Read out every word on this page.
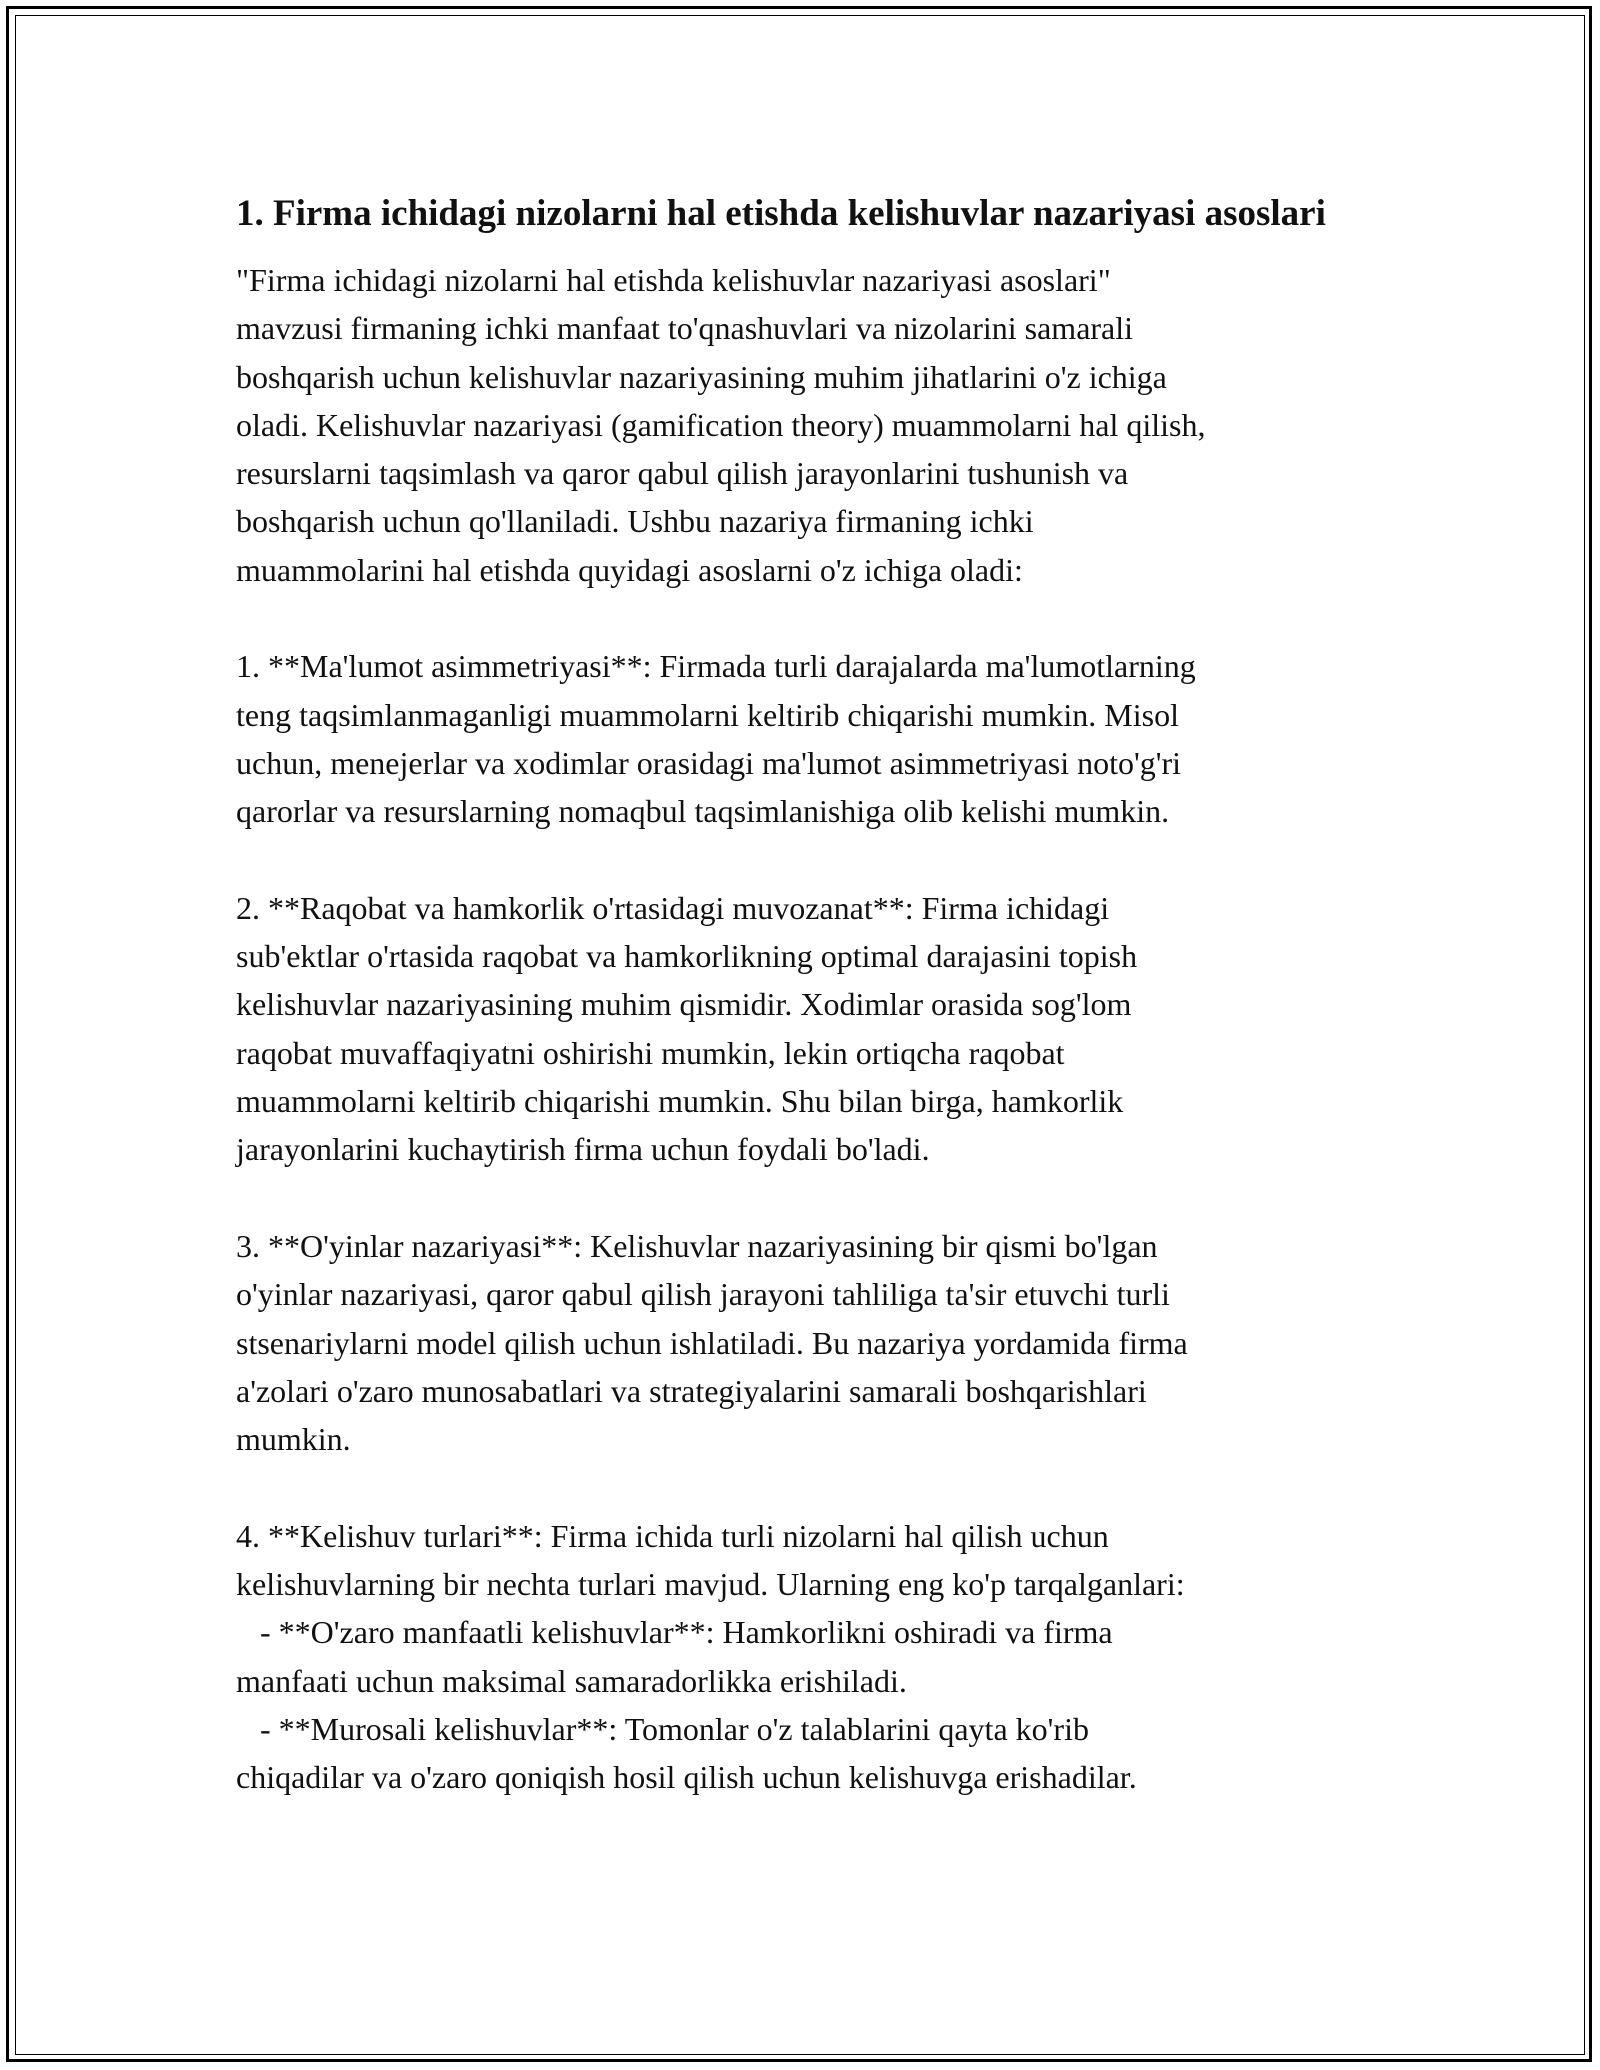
1. Firma ichidagi nizolarni hal etishda kelishuvlar nazariyasi asoslari

"Firma ichidagi nizolarni hal etishda kelishuvlar nazariyasi asoslari"
mavzusi firmaning ichki manfaat to'qnashuvlari va nizolarini samarali
boshqarish uchun kelishuvlar nazariyasining muhim jihatlarini o'z ichiga
oladi. Kelishuvlar nazariyasi (gamification theory) muammolarni hal qilish,
resurslarni taqsimlash va qaror qabul qilish jarayonlarini tushunish va
boshqarish uchun qo'llaniladi. Ushbu nazariya firmaning ichki
muammolarini hal etishda quyidagi asoslarni o'z ichiga oladi:

1. **Ma'lumot asimmetriyasi**: Firmada turli darajalarda ma'lumotlarning
teng taqsimlanmaganligi muammolarni keltirib chiqarishi mumkin. Misol
uchun, menejerlar va xodimlar orasidagi ma'lumot asimmetriyasi noto'g'ri
qarorlar va resurslarning nomaqbul taqsimlanishiga olib kelishi mumkin.

2. **Raqobat va hamkorlik o'rtasidagi muvozanat**: Firma ichidagi
sub'ektlar o'rtasida raqobat va hamkorlikning optimal darajasini topish
kelishuvlar nazariyasining muhim qismidir. Xodimlar orasida sog'lom
raqobat muvaffaqiyatni oshirishi mumkin, lekin ortiqcha raqobat
muammolarni keltirib chiqarishi mumkin. Shu bilan birga, hamkorlik
jarayonlarini kuchaytirish firma uchun foydali bo'ladi.

3. **O'yinlar nazariyasi**: Kelishuvlar nazariyasining bir qismi bo'lgan
o'yinlar nazariyasi, qaror qabul qilish jarayoni tahliliga ta'sir etuvchi turli
stsenariylarni model qilish uchun ishlatiladi. Bu nazariya yordamida firma
a'zolari o'zaro munosabatlari va strategiyalarini samarali boshqarishlari
mumkin.

4. **Kelishuv turlari**: Firma ichida turli nizolarni hal qilish uchun
kelishuvlarning bir nechta turlari mavjud. Ularning eng ko'p tarqalganlari:
- **O'zaro manfaatli kelishuvlar**: Hamkorlikni oshiradi va firma
manfaati uchun maksimal samaradorlikka erishiladi.
- **Murosali kelishuvlar**: Tomonlar o'z talablarini qayta ko'rib
chiqadilar va o'zaro qoniqish hosil qilish uchun kelishuvga erishadilar.
